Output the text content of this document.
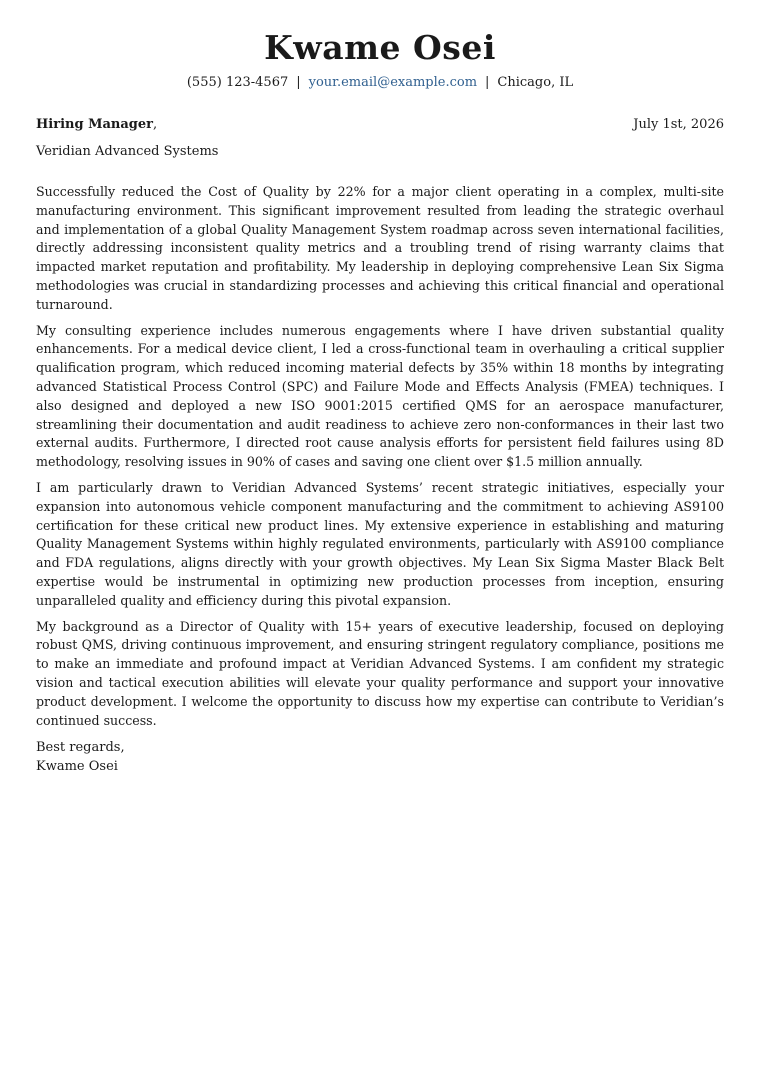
Kwame Osei
(555) 123-4567 | your.email@example.com | Chicago, IL
Hiring Manager,	July 1st, 2026
Veridian Advanced Systems

Successfully reduced the Cost of Quality by 22% for a major client operating in a complex, multi-site manufacturing environment. This significant improvement resulted from leading the strategic overhaul and implementation of a global Quality Management System roadmap across seven international facilities, directly addressing inconsistent quality metrics and a troubling trend of rising warranty claims that impacted market reputation and profitability. My leadership in deploying comprehensive Lean Six Sigma methodologies was crucial in standardizing processes and achieving this critical financial and operational turnaround.

My consulting experience includes numerous engagements where I have driven substantial quality enhancements. For a medical device client, I led a cross-functional team in overhauling a critical supplier qualification program, which reduced incoming material defects by 35% within 18 months by integrating advanced Statistical Process Control (SPC) and Failure Mode and Effects Analysis (FMEA) techniques. I also designed and deployed a new ISO 9001:2015 certified QMS for an aerospace manufacturer, streamlining their documentation and audit readiness to achieve zero non-conformances in their last two external audits. Furthermore, I directed root cause analysis efforts for persistent field failures using 8D methodology, resolving issues in 90% of cases and saving one client over $1.5 million annually.

I am particularly drawn to Veridian Advanced Systems’ recent strategic initiatives, especially your expansion into autonomous vehicle component manufacturing and the commitment to achieving AS9100 certification for these critical new product lines. My extensive experience in establishing and maturing Quality Management Systems within highly regulated environments, particularly with AS9100 compliance and FDA regulations, aligns directly with your growth objectives. My Lean Six Sigma Master Black Belt expertise would be instrumental in optimizing new production processes from inception, ensuring unparalleled quality and efficiency during this pivotal expansion.

My background as a Director of Quality with 15+ years of executive leadership, focused on deploying robust QMS, driving continuous improvement, and ensuring stringent regulatory compliance, positions me to make an immediate and profound impact at Veridian Advanced Systems. I am confident my strategic vision and tactical execution abilities will elevate your quality performance and support your innovative product development. I welcome the opportunity to discuss how my expertise can contribute to Veridian’s continued success.

Best regards,
Kwame Osei
